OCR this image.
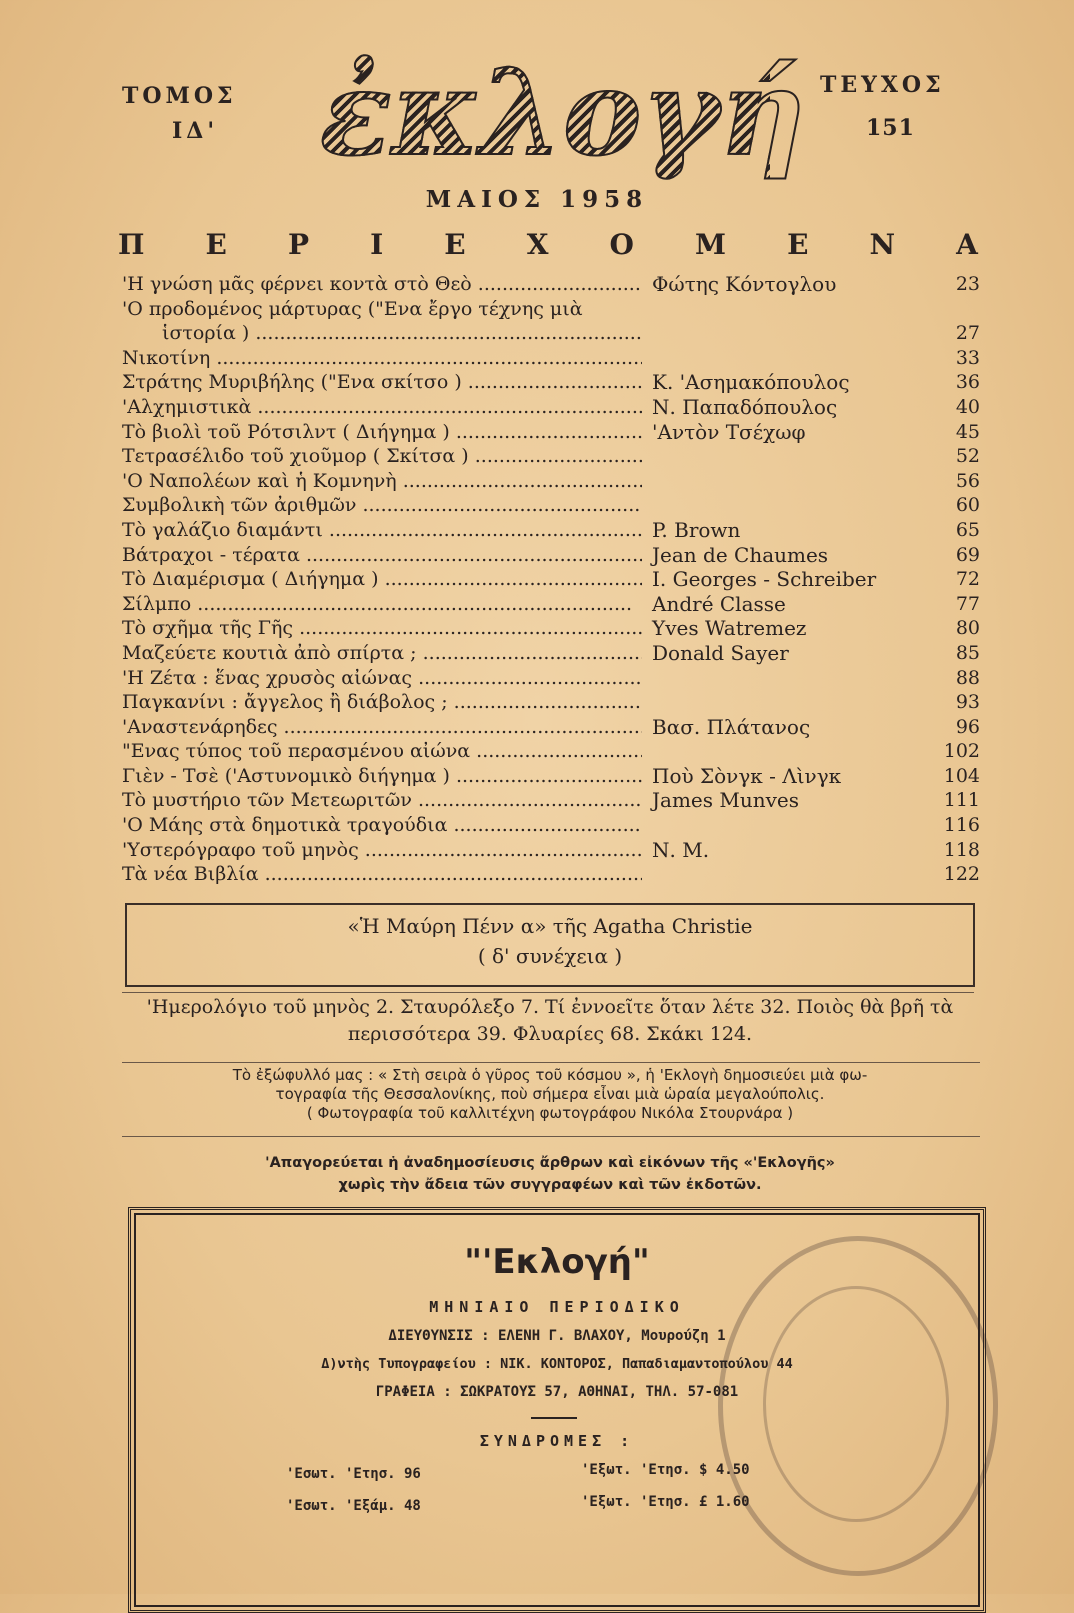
ΤΟΜΟΣ
ΙΔ' ἐκλογή ΤΕΥΧΟΣ
151
ΜΑΙΟΣ 1958
Π Ε Ρ Ι Ε Χ Ο Μ Ε Ν Α
'Η γνώση μᾶς φέρνει κοντὰ στὸ Θεὸ .....	Φώτης Κόντογλου	23
'Ο προδομένος μάρτυρας ("Ενα ἔργο τέχνης μιὰ
ἱστορία ) .....	27
Νικοτίνη .....	33
Στράτης Μυριβήλης ("Ενα σκίτσο ) .....	Κ. 'Ασημακόπουλος	36
'Αλχημιστικὰ .....	Ν. Παπαδόπουλος	40
Τὸ βιολὶ τοῦ Ρότσιλντ ( Διήγημα ) .....	'Αντὸν Τσέχωφ	45
Τετρασέλιδο τοῦ χιοῦμορ ( Σκίτσα ) .....	52
'Ο Ναπολέων καὶ ἡ Κομνηνὴ .....	56
Συμβολικὴ τῶν ἀριθμῶν .....	60
Τὸ γαλάζιο διαμάντι .....	P. Brown	65
Βάτραχοι - τέρατα .....	Jean de Chaumes	69
Τὸ Διαμέρισμα ( Διήγημα ) .....	I. Georges - Schreiber	72
Σίλμπο .....	André Classe	77
Τὸ σχῆμα τῆς Γῆς .....	Yves Watremez	80
Μαζεύετε κουτιὰ ἀπὸ σπίρτα ; .....	Donald Sayer	85
'Η Ζέτα : ἕνας χρυσὸς αἰώνας .....	88
Παγκανίνι : ἄγγελος ἢ διάβολος ; .....	93
'Αναστενάρηδες .....	Βασ. Πλάτανος	96
"Ενας τύπος τοῦ περασμένου αἰώνα .....	102
Γιὲν - Τσὲ ('Αστυνομικὸ διήγημα ) .....	Ποὺ Σὸνγκ - Λὶνγκ	104
Τὸ μυστήριο τῶν Μετεωριτῶν .....	James Munves	111
'Ο Μάης στὰ δημοτικὰ τραγούδια .....	116
'Υστερόγραφο τοῦ μηνὸς .....	Ν. Μ.	118
Τὰ νέα Βιβλία .....	122
«Ἡ Μαύρη Πένν α» τῆς Agatha Christie
( δ' συνέχεια )
'Ημερολόγιο τοῦ μηνὸς 2. Σταυρόλεξο 7. Τί ἐννοεῖτε ὅταν λέτε 32. Ποιὸς θὰ βρῆ τὰ περισσότερα 39. Φλυαρίες 68. Σκάκι 124.
Τὸ ἐξώφυλλό μας : « Στὴ σειρὰ ὁ γῦρος τοῦ κόσμου », ἡ 'Εκλογὴ δημοσιεύει μιὰ φω-
τογραφία τῆς Θεσσαλονίκης, ποὺ σήμερα εἶναι μιὰ ὡραία μεγαλούπολις.
( Φωτογραφία τοῦ καλλιτέχνη φωτογράφου Νικόλα Στουρνάρα )
'Απαγορεύεται ἡ ἀναδημοσίευσις ἄρθρων καὶ εἰκόνων τῆς «'Εκλογῆς»
χωρὶς τὴν ἄδεια τῶν συγγραφέων καὶ τῶν ἐκδοτῶν.
"'Εκλογή"
ΜΗΝΙΑΙΟ ΠΕΡΙΟΔΙΚΟ
ΔΙΕΥΘΥΝΣΙΣ : ΕΛΕΝΗ Γ. ΒΛΑΧΟΥ, Μουρούζη 1
Δ)ντὴς Τυπογραφείου : ΝΙΚ. ΚΟΝΤΟΡΟΣ, Παπαδιαμαντοπούλου 44
ΓΡΑΦΕΙΑ : ΣΩΚΡΑΤΟΥΣ 57, ΑΘΗΝΑΙ, ΤΗΛ. 57-081
ΣΥΝΔΡΟΜΕΣ :
'Εσωτ. 'Ετησ. 96	'Εξωτ. 'Ετησ. $ 4.50
'Εσωτ. 'Εξάμ. 48	'Εξωτ. 'Ετησ. £ 1.60
